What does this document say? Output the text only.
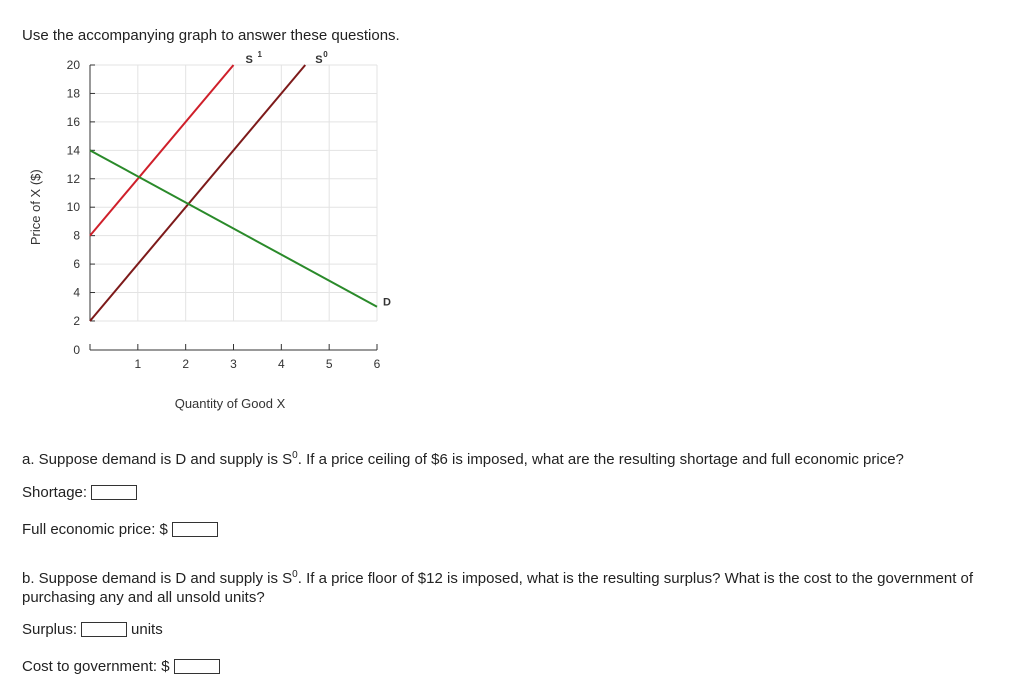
Use the accompanying graph to answer these questions.
2
4
6
8
10
12
14
16
18
20
0
1	2	3	4	5	6
S 1	S 0
D
Quantity of Good X
Price of X ($)
a. Suppose demand is D and supply is $S^0$. If a price ceiling of $6 is imposed, what are the resulting shortage and full economic price?
Shortage:
Full economic price: $
b. Suppose demand is D and supply is $S^0$. If a price floor of $12 is imposed, what is the resulting surplus? What is the cost to the government of purchasing any and all unsold units?
Surplus:	units
Cost to government: $
